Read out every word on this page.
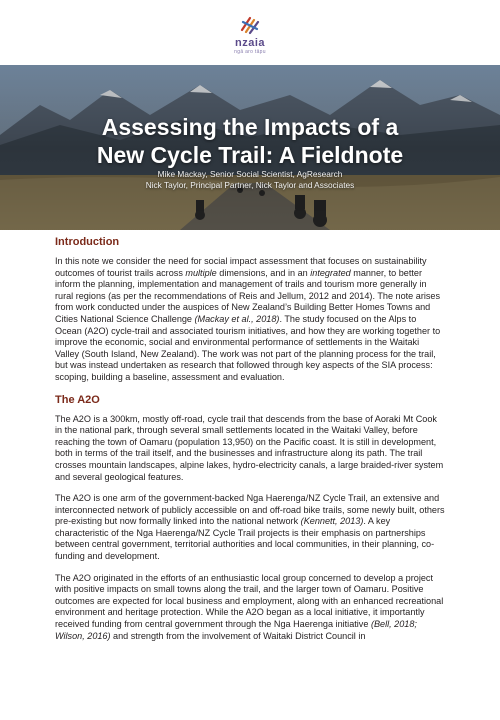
nzaia
ngā aro tāpu
Assessing the Impacts of a
New Cycle Trail: A Fieldnote
Mike Mackay, Senior Social Scientist, AgResearch
Nick Taylor, Principal Partner, Nick Taylor and Associates
Introduction

In this note we consider the need for social impact assessment that focuses on sustainability outcomes of tourist trails across multiple dimensions, and in an integrated manner, to better inform the planning, implementation and management of trails and tourism more generally in rural regions (as per the recommendations of Reis and Jellum, 2012 and 2014). The note arises from work conducted under the auspices of New Zealand’s Building Better Homes Towns and Cities National Science Challenge (Mackay et al., 2018). The study focused on the Alps to Ocean (A2O) cycle-trail and associated tourism initiatives, and how they are working together to improve the economic, social and environmental performance of settlements in the Waitaki Valley (South Island, New Zealand). The work was not part of the planning process for the trail, but was instead undertaken as research that followed through key aspects of the SIA process: scoping, building a baseline, assessment and evaluation.

The A2O

The A2O is a 300km, mostly off-road, cycle trail that descends from the base of Aoraki Mt Cook in the national park, through several small settlements located in the Waitaki Valley, before reaching the town of Oamaru (population 13,950) on the Pacific coast. It is still in development, both in terms of the trail itself, and the businesses and infrastructure along its path. The trail crosses mountain landscapes, alpine lakes, hydro-electricity canals, a large braided-river system and several geological features.

The A2O is one arm of the government-backed Nga Haerenga/NZ Cycle Trail, an extensive and interconnected network of publicly accessible on and off-road bike trails, some newly built, others pre-existing but now formally linked into the national network (Kennett, 2013). A key characteristic of the Nga Haerenga/NZ Cycle Trail projects is their emphasis on partnerships between central government, territorial authorities and local communities, in their planning, co-funding and development.

The A2O originated in the efforts of an enthusiastic local group concerned to develop a project with positive impacts on small towns along the trail, and the larger town of Oamaru. Positive outcomes are expected for local business and employment, along with an enhanced recreational environment and heritage protection. While the A2O began as a local initiative, it importantly received funding from central government through the Nga Haerenga initiative (Bell, 2018; Wilson, 2016) and strength from the involvement of Waitaki District Council in
